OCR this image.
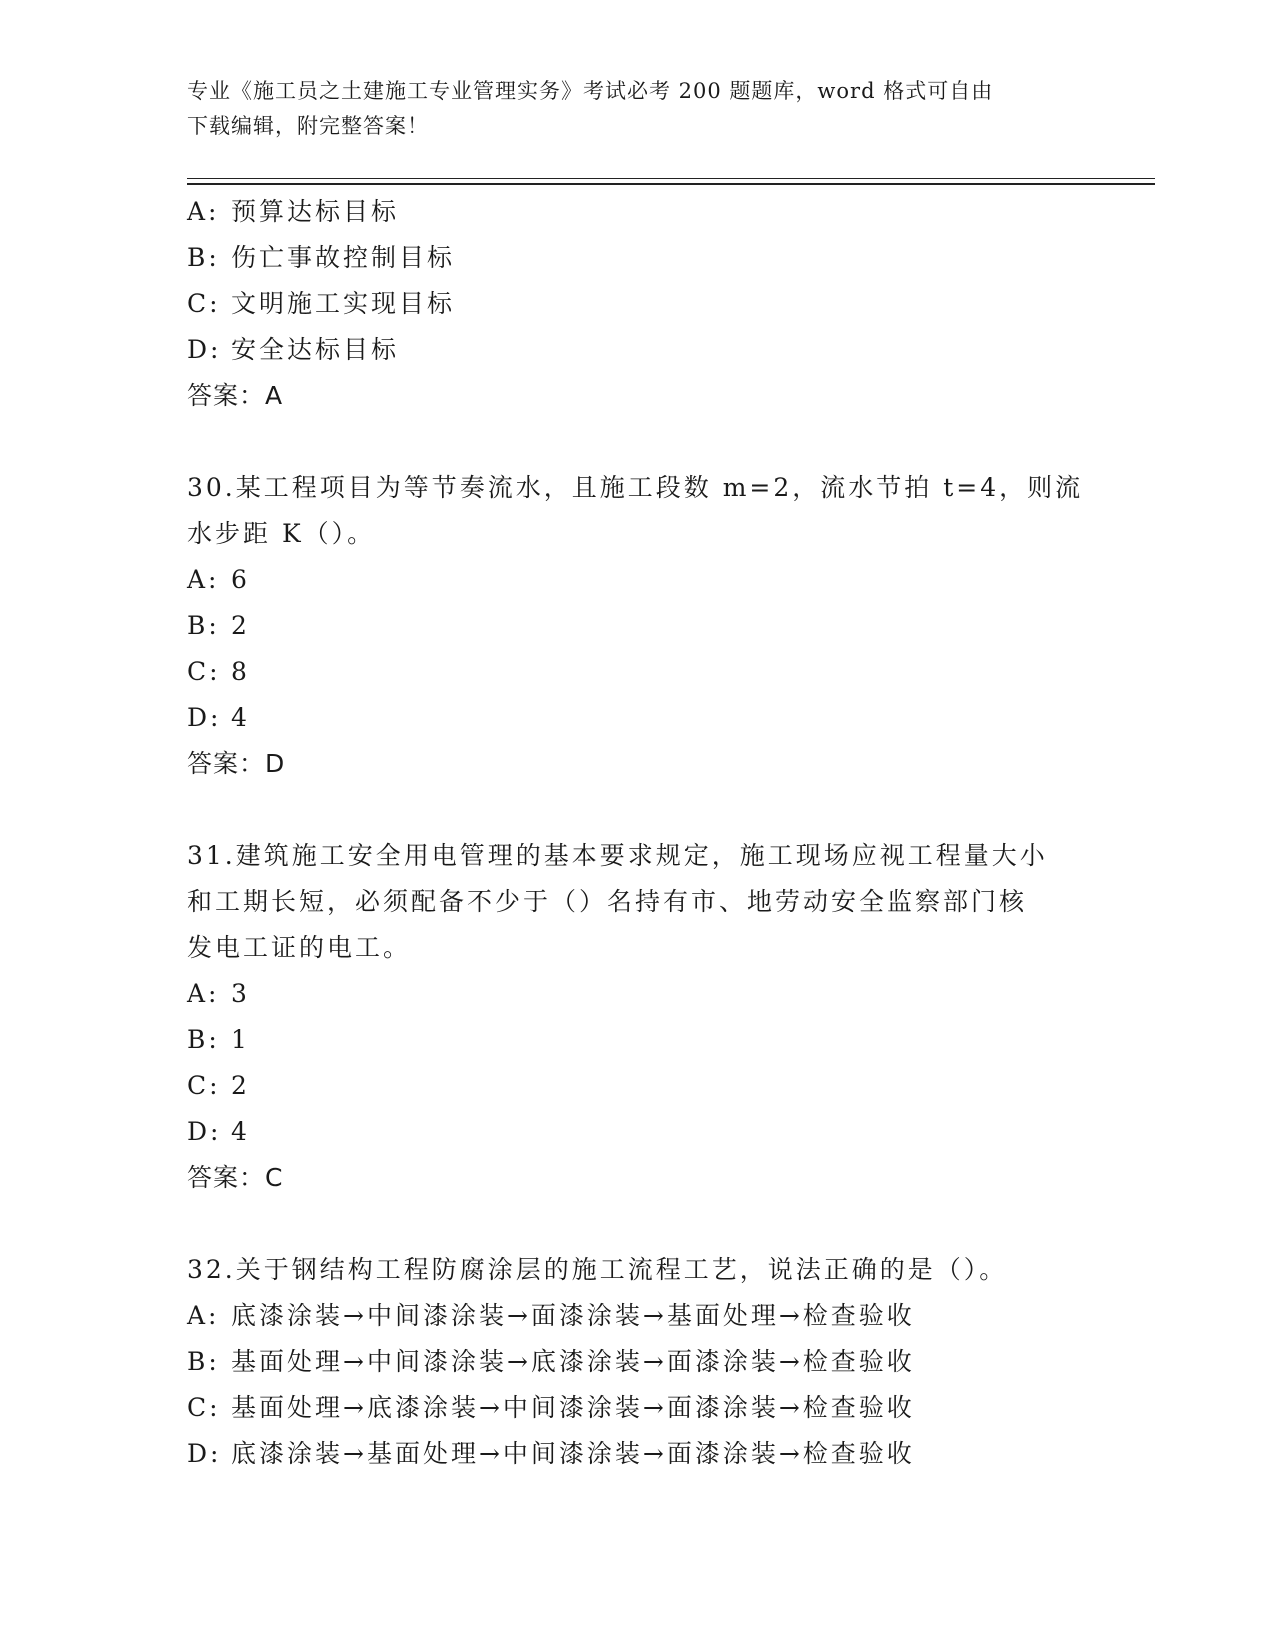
专业《施工员之土建施工专业管理实务》考试必考 200 题题库，word 格式可自由
下载编辑，附完整答案！
A: 预算达标目标
B: 伤亡事故控制目标
C: 文明施工实现目标
D: 安全达标目标
答案：A
30.某工程项目为等节奏流水，且施工段数 m=2，流水节拍 t=4，则流
水步距 K（）。
A: 6
B: 2
C: 8
D: 4
答案：D
31.建筑施工安全用电管理的基本要求规定，施工现场应视工程量大小
和工期长短，必须配备不少于（）名持有市、地劳动安全监察部门核
发电工证的电工。
A: 3
B: 1
C: 2
D: 4
答案：C
32.关于钢结构工程防腐涂层的施工流程工艺，说法正确的是（）。
A: 底漆涂装→中间漆涂装→面漆涂装→基面处理→检查验收
B: 基面处理→中间漆涂装→底漆涂装→面漆涂装→检查验收
C: 基面处理→底漆涂装→中间漆涂装→面漆涂装→检查验收
D: 底漆涂装→基面处理→中间漆涂装→面漆涂装→检查验收
